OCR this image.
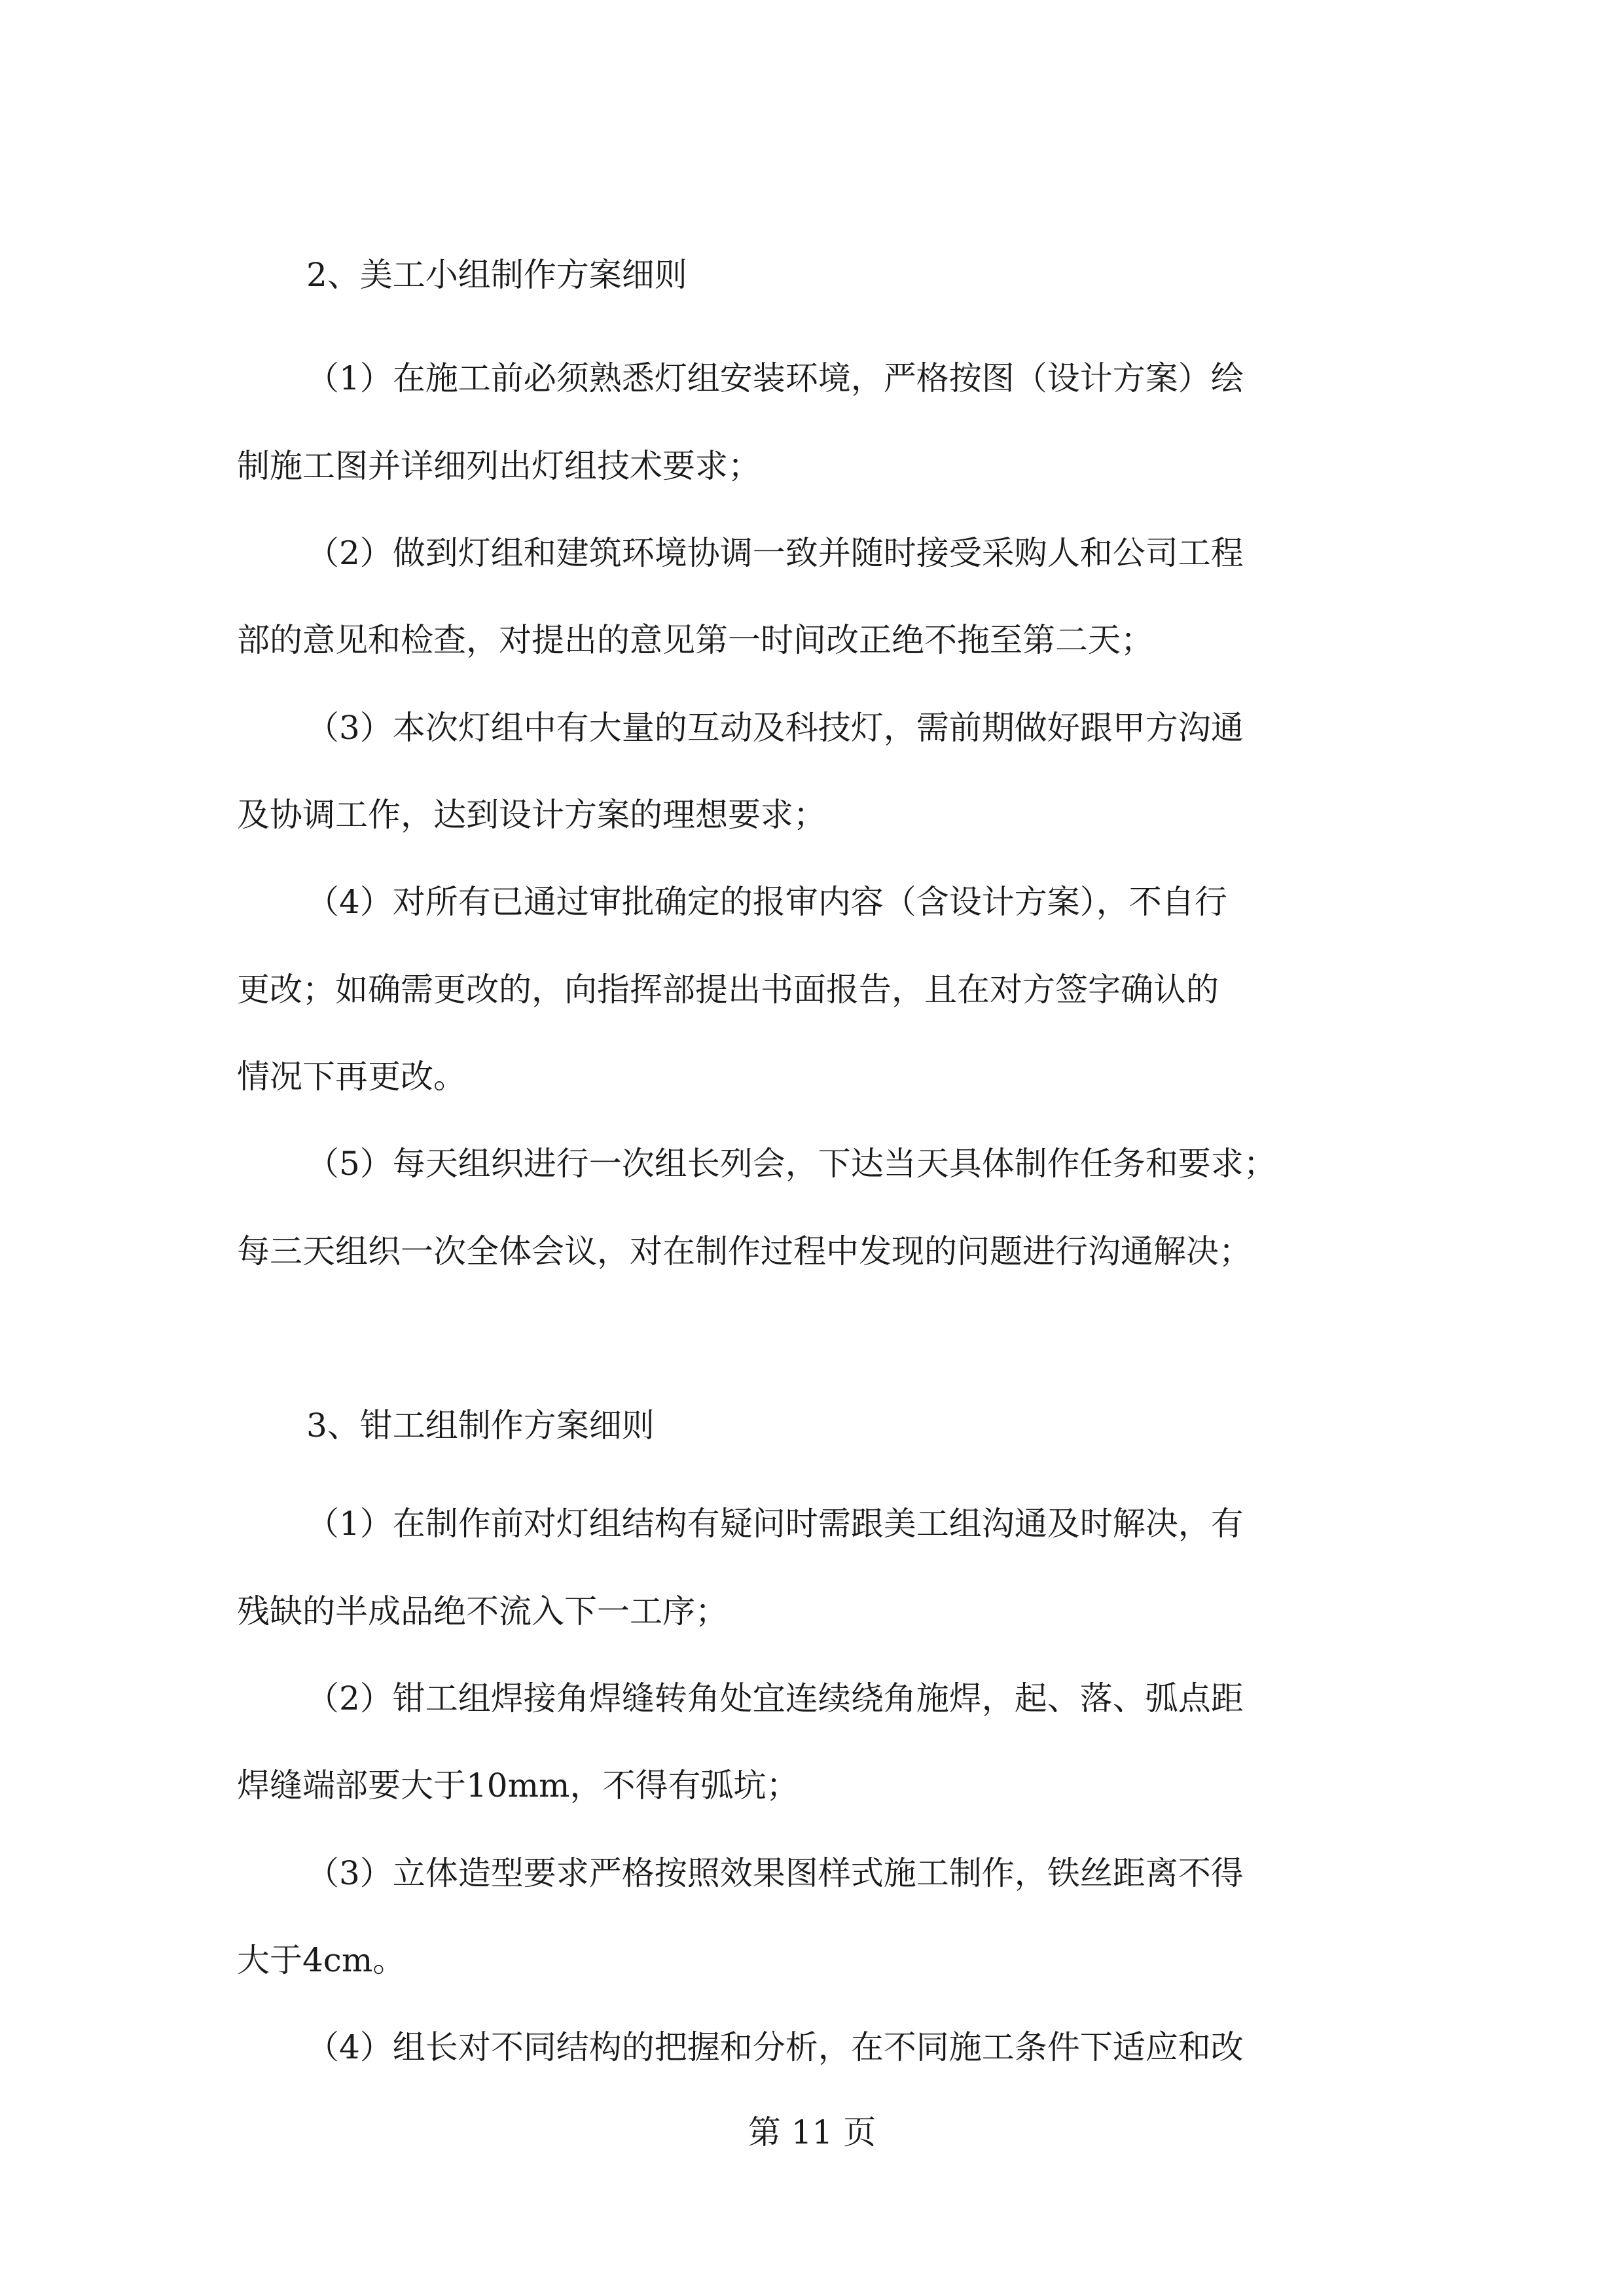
2、美工小组制作方案细则
（1）在施工前必须熟悉灯组安装环境，严格按图（设计方案）绘
制施工图并详细列出灯组技术要求；
（2）做到灯组和建筑环境协调一致并随时接受采购人和公司工程
部的意见和检查，对提出的意见第一时间改正绝不拖至第二天；
（3）本次灯组中有大量的互动及科技灯，需前期做好跟甲方沟通
及协调工作，达到设计方案的理想要求；
（4）对所有已通过审批确定的报审内容（含设计方案），不自行
更改；如确需更改的，向指挥部提出书面报告，且在对方签字确认的
情况下再更改。
（5）每天组织进行一次组长列会，下达当天具体制作任务和要求；
每三天组织一次全体会议，对在制作过程中发现的问题进行沟通解决；
3、钳工组制作方案细则
（1）在制作前对灯组结构有疑问时需跟美工组沟通及时解决，有
残缺的半成品绝不流入下一工序；
（2）钳工组焊接角焊缝转角处宜连续绕角施焊，起、落、弧点距
焊缝端部要大于10mm，不得有弧坑；
（3）立体造型要求严格按照效果图样式施工制作，铁丝距离不得
大于4cm。
（4）组长对不同结构的把握和分析，在不同施工条件下适应和改
第 11 页
